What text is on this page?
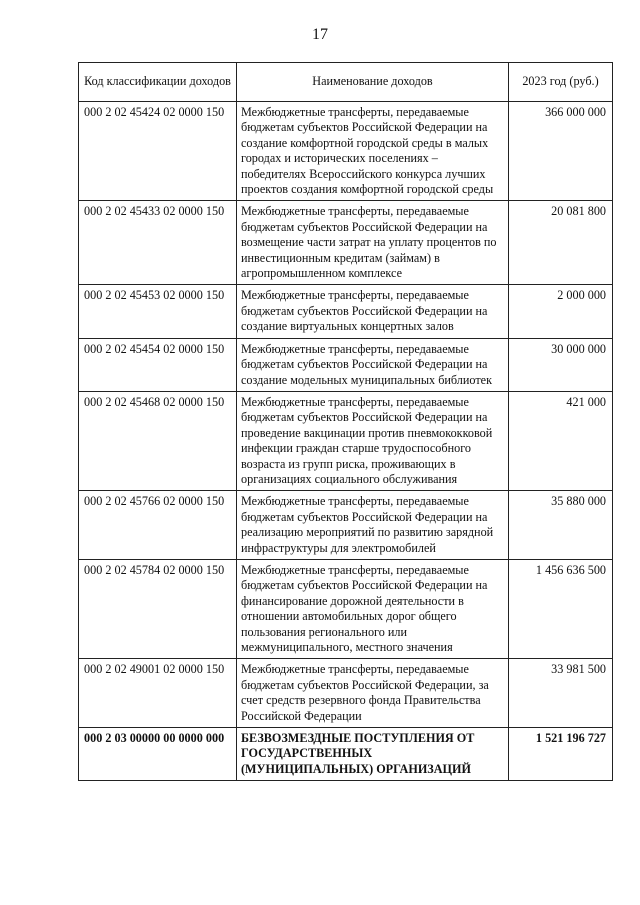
17
Код классификации доходов	Наименование доходов	2023 год (руб.)
000 2 02 45424 02 0000 150	Межбюджетные трансферты, передаваемые бюджетам субъектов Российской Федерации на создание комфортной городской среды в малых городах и исторических поселениях – победителях Всероссийского конкурса лучших проектов создания комфортной городской среды	366 000 000
000 2 02 45433 02 0000 150	Межбюджетные трансферты, передаваемые бюджетам субъектов Российской Федерации на возмещение части затрат на уплату процентов по инвестиционным кредитам (займам) в агропромышленном комплексе	20 081 800
000 2 02 45453 02 0000 150	Межбюджетные трансферты, передаваемые бюджетам субъектов Российской Федерации на создание виртуальных концертных залов	2 000 000
000 2 02 45454 02 0000 150	Межбюджетные трансферты, передаваемые бюджетам субъектов Российской Федерации на создание модельных муниципальных библиотек	30 000 000
000 2 02 45468 02 0000 150	Межбюджетные трансферты, передаваемые бюджетам субъектов Российской Федерации на проведение вакцинации против пневмококковой инфекции граждан старше трудоспособного возраста из групп риска, проживающих в организациях социального обслуживания	421 000
000 2 02 45766 02 0000 150	Межбюджетные трансферты, передаваемые бюджетам субъектов Российской Федерации на реализацию мероприятий по развитию зарядной инфраструктуры для электромобилей	35 880 000
000 2 02 45784 02 0000 150	Межбюджетные трансферты, передаваемые бюджетам субъектов Российской Федерации на финансирование дорожной деятельности в отношении автомобильных дорог общего пользования регионального или межмуниципального, местного значения	1 456 636 500
000 2 02 49001 02 0000 150	Межбюджетные трансферты, передаваемые бюджетам субъектов Российской Федерации, за счет средств резервного фонда Правительства Российской Федерации	33 981 500
000 2 03 00000 00 0000 000	БЕЗВОЗМЕЗДНЫЕ ПОСТУПЛЕНИЯ ОТ ГОСУДАРСТВЕННЫХ (МУНИЦИПАЛЬНЫХ) ОРГАНИЗАЦИЙ	1 521 196 727
